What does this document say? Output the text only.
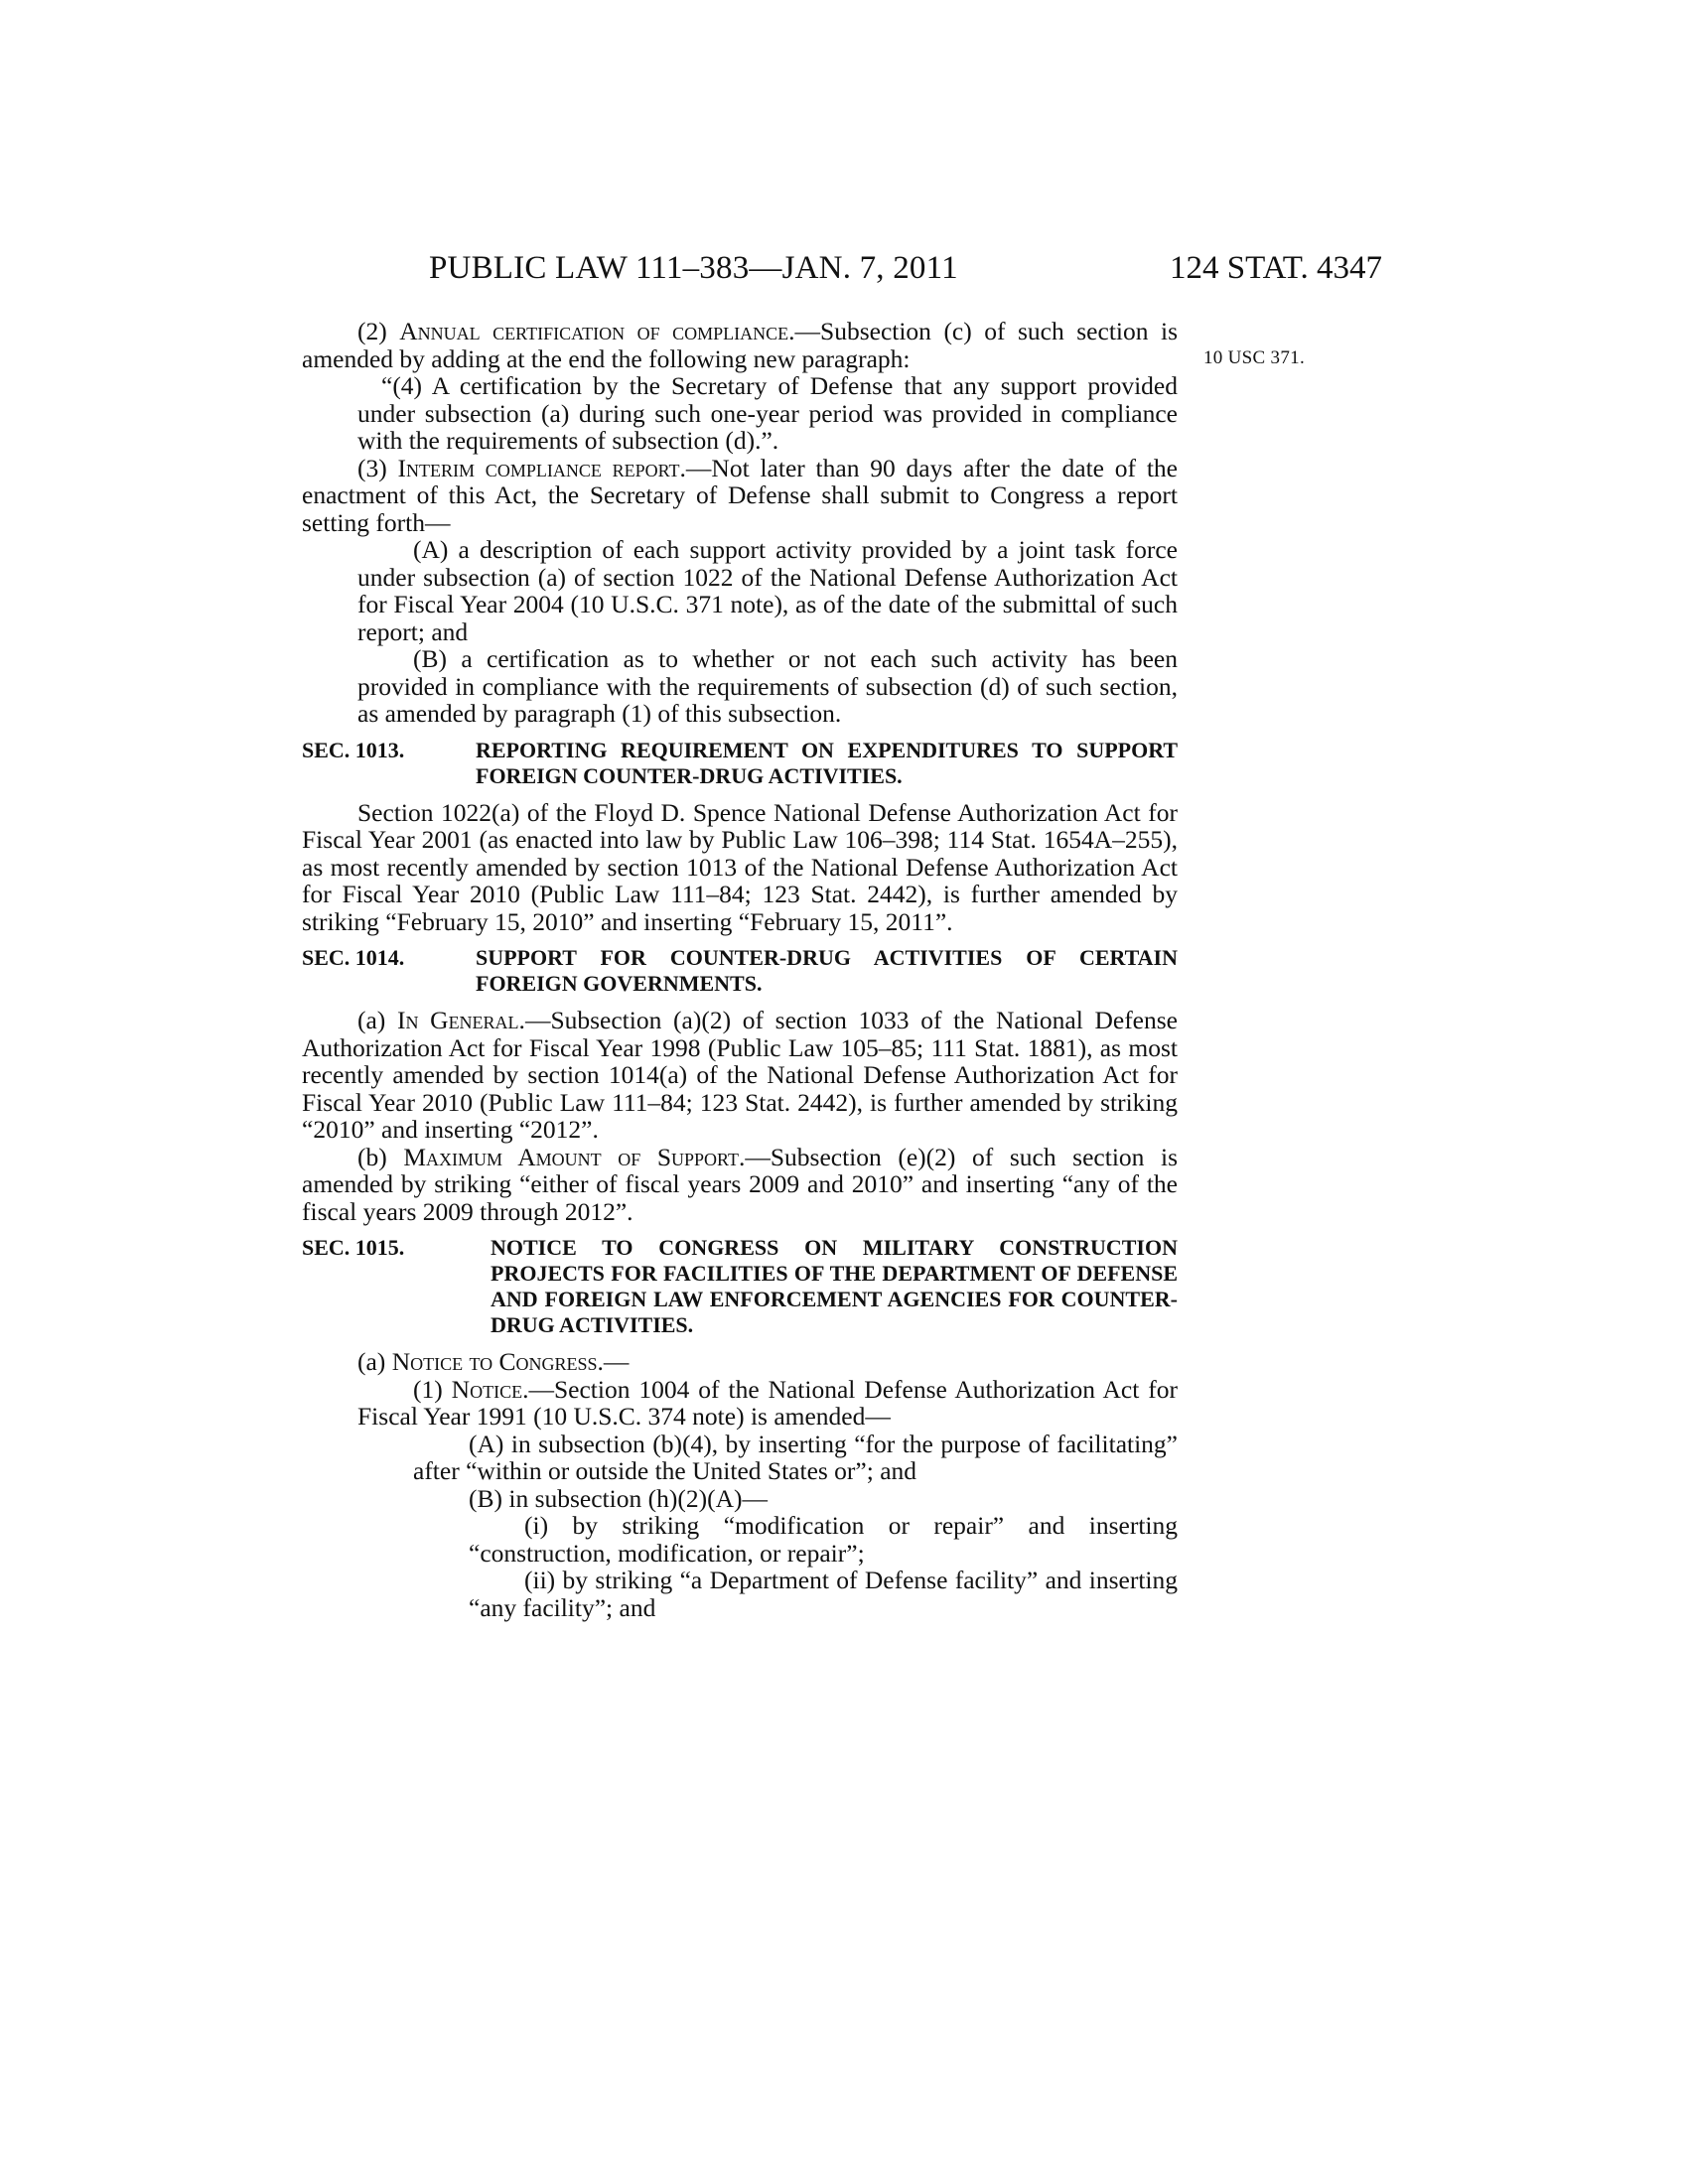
PUBLIC LAW 111–383—JAN. 7, 2011	124 STAT. 4347
10 USC 371.

(2) Annual certification of compliance.—Subsection (c) of such section is amended by adding at the end the following new paragraph:

“(4) A certification by the Secretary of Defense that any support provided under subsection (a) during such one-year period was provided in compliance with the requirements of subsection (d).”.

(3) Interim compliance report.—Not later than 90 days after the date of the enactment of this Act, the Secretary of Defense shall submit to Congress a report setting forth—

(A) a description of each support activity provided by a joint task force under subsection (a) of section 1022 of the National Defense Authorization Act for Fiscal Year 2004 (10 U.S.C. 371 note), as of the date of the submittal of such report; and

(B) a certification as to whether or not each such activity has been provided in compliance with the requirements of subsection (d) of such section, as amended by paragraph (1) of this subsection.

SEC. 1013.	REPORTING REQUIREMENT ON EXPENDITURES TO SUPPORT FOREIGN COUNTER-DRUG ACTIVITIES.

Section 1022(a) of the Floyd D. Spence National Defense Authorization Act for Fiscal Year 2001 (as enacted into law by Public Law 106–398; 114 Stat. 1654A–255), as most recently amended by section 1013 of the National Defense Authorization Act for Fiscal Year 2010 (Public Law 111–84; 123 Stat. 2442), is further amended by striking “February 15, 2010” and inserting “February 15, 2011”.

SEC. 1014.	SUPPORT FOR COUNTER-DRUG ACTIVITIES OF CERTAIN FOREIGN GOVERNMENTS.

(a) In General.—Subsection (a)(2) of section 1033 of the National Defense Authorization Act for Fiscal Year 1998 (Public Law 105–85; 111 Stat. 1881), as most recently amended by section 1014(a) of the National Defense Authorization Act for Fiscal Year 2010 (Public Law 111–84; 123 Stat. 2442), is further amended by striking “2010” and inserting “2012”.

(b) Maximum Amount of Support.—Subsection (e)(2) of such section is amended by striking “either of fiscal years 2009 and 2010” and inserting “any of the fiscal years 2009 through 2012”.

SEC. 1015.	NOTICE TO CONGRESS ON MILITARY CONSTRUCTION PROJECTS FOR FACILITIES OF THE DEPARTMENT OF DEFENSE AND FOREIGN LAW ENFORCEMENT AGENCIES FOR COUNTER-DRUG ACTIVITIES.

(a) Notice to Congress.—

(1) Notice.—Section 1004 of the National Defense Authorization Act for Fiscal Year 1991 (10 U.S.C. 374 note) is amended—

(A) in subsection (b)(4), by inserting “for the purpose of facilitating” after “within or outside the United States or”; and

(B) in subsection (h)(2)(A)—

(i) by striking “modification or repair” and inserting “construction, modification, or repair”;

(ii) by striking “a Department of Defense facility” and inserting “any facility”; and
